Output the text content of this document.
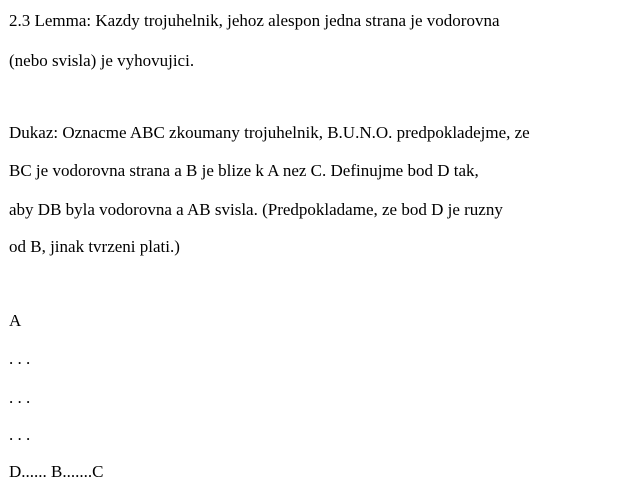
2.3 Lemma: Kazdy trojuhelnik, jehoz alespon jedna strana je vodorovna
(nebo svisla) je vyhovujici.
Dukaz: Oznacme ABC zkoumany trojuhelnik, B.U.N.O. predpokladejme, ze
BC je vodorovna strana a B je blize k A nez C. Definujme bod D tak,
aby DB byla vodorovna a AB svisla. (Predpokladame, ze bod D je ruzny
od B, jinak tvrzeni plati.)
A
. . .
. . .
. . .
D...... B.......C
